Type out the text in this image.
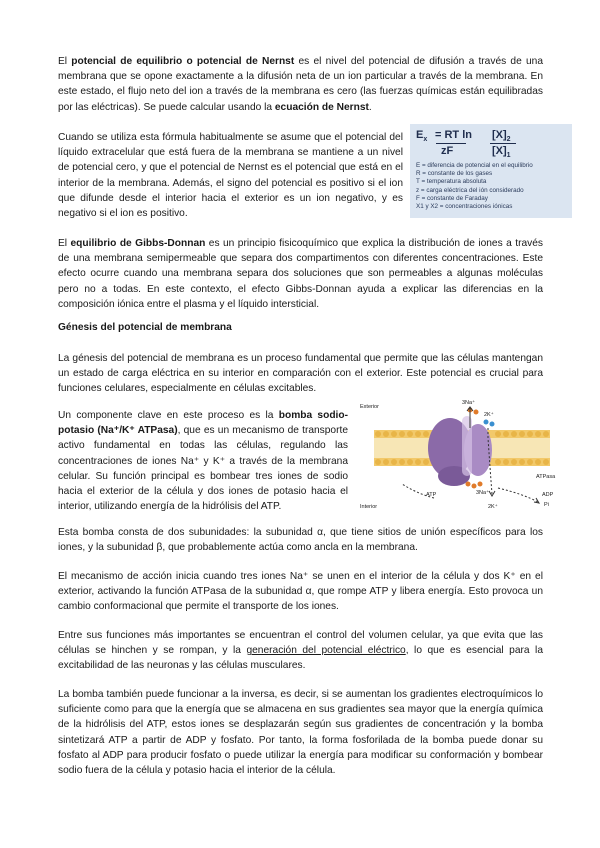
El potencial de equilibrio o potencial de Nernst es el nivel del potencial de difusión a través de una membrana que se opone exactamente a la difusión neta de un ion particular a través de la membrana. En este estado, el flujo neto del ion a través de la membrana es cero (las fuerzas químicas están equilibradas por las eléctricas). Se puede calcular usando la ecuación de Nernst.

Cuando se utiliza esta fórmula habitualmente se asume que el potencial del líquido extracelular que está fuera de la membrana se mantiene a un nivel de potencial cero, y que el potencial de Nernst es el potencial que está en el interior de la membrana. Además, el signo del potencial es positivo si el ion que difunde desde el interior hacia el exterior es un ion negativo, y es negativo si el ion es positivo.

$E_x$ = RT $\ln [X]_2$
zF	$[X]_1$
E = diferencia de potencial en el equilibrio
R = constante de los gases
T = temperatura absoluta
z = carga eléctrica del ión considerado
F = constante de Faraday
X1 y X2 = concentraciones iónicas

El equilibrio de Gibbs-Donnan es un principio fisicoquímico que explica la distribución de iones a través de una membrana semipermeable que separa dos compartimentos con diferentes concentraciones. Este efecto ocurre cuando una membrana separa dos soluciones que son permeables a algunas moléculas pero no a todas. En este contexto, el efecto Gibbs-Donnan ayuda a explicar las diferencias en la composición iónica entre el plasma y el líquido intersticial.

Génesis del potencial de membrana

La génesis del potencial de membrana es un proceso fundamental que permite que las células mantengan un estado de carga eléctrica en su interior en comparación con el exterior. Este potencial es crucial para funciones celulares, especialmente en células excitables.

Un componente clave en este proceso es la bomba sodio-potasio (Na⁺/K⁺ ATPasa), que es un mecanismo de transporte activo fundamental en todas las células, regulando las concentraciones de iones Na⁺ y K⁺ a través de la membrana celular. Su función principal es bombear tres iones de sodio hacia el exterior de la célula y dos iones de potasio hacia el interior, utilizando energía de la hidrólisis del ATP.

Exterior
Interior
3Na⁺
2K⁺
3Na⁺
2K⁺
ATPasa
ATP	ADP
Pi

Esta bomba consta de dos subunidades: la subunidad α, que tiene sitios de unión específicos para los iones, y la subunidad β, que probablemente actúa como ancla en la membrana.

El mecanismo de acción inicia cuando tres iones Na⁺ se unen en el interior de la célula y dos K⁺ en el exterior, activando la función ATPasa de la subunidad α, que rompe ATP y libera energía. Esto provoca un cambio conformacional que permite el transporte de los iones.

Entre sus funciones más importantes se encuentran el control del volumen celular, ya que evita que las células se hinchen y se rompan, y la generación del potencial eléctrico, lo que es esencial para la excitabilidad de las neuronas y las células musculares.

La bomba también puede funcionar a la inversa, es decir, si se aumentan los gradientes electroquímicos lo suficiente como para que la energía que se almacena en sus gradientes sea mayor que la energía química de la hidrólisis del ATP, estos iones se desplazarán según sus gradientes de concentración y la bomba sintetizará ATP a partir de ADP y fosfato. Por tanto, la forma fosforilada de la bomba puede donar su fosfato al ADP para producir fosfato o puede utilizar la energía para modificar su conformación y bombear sodio fuera de la célula y potasio hacia el interior de la célula.
